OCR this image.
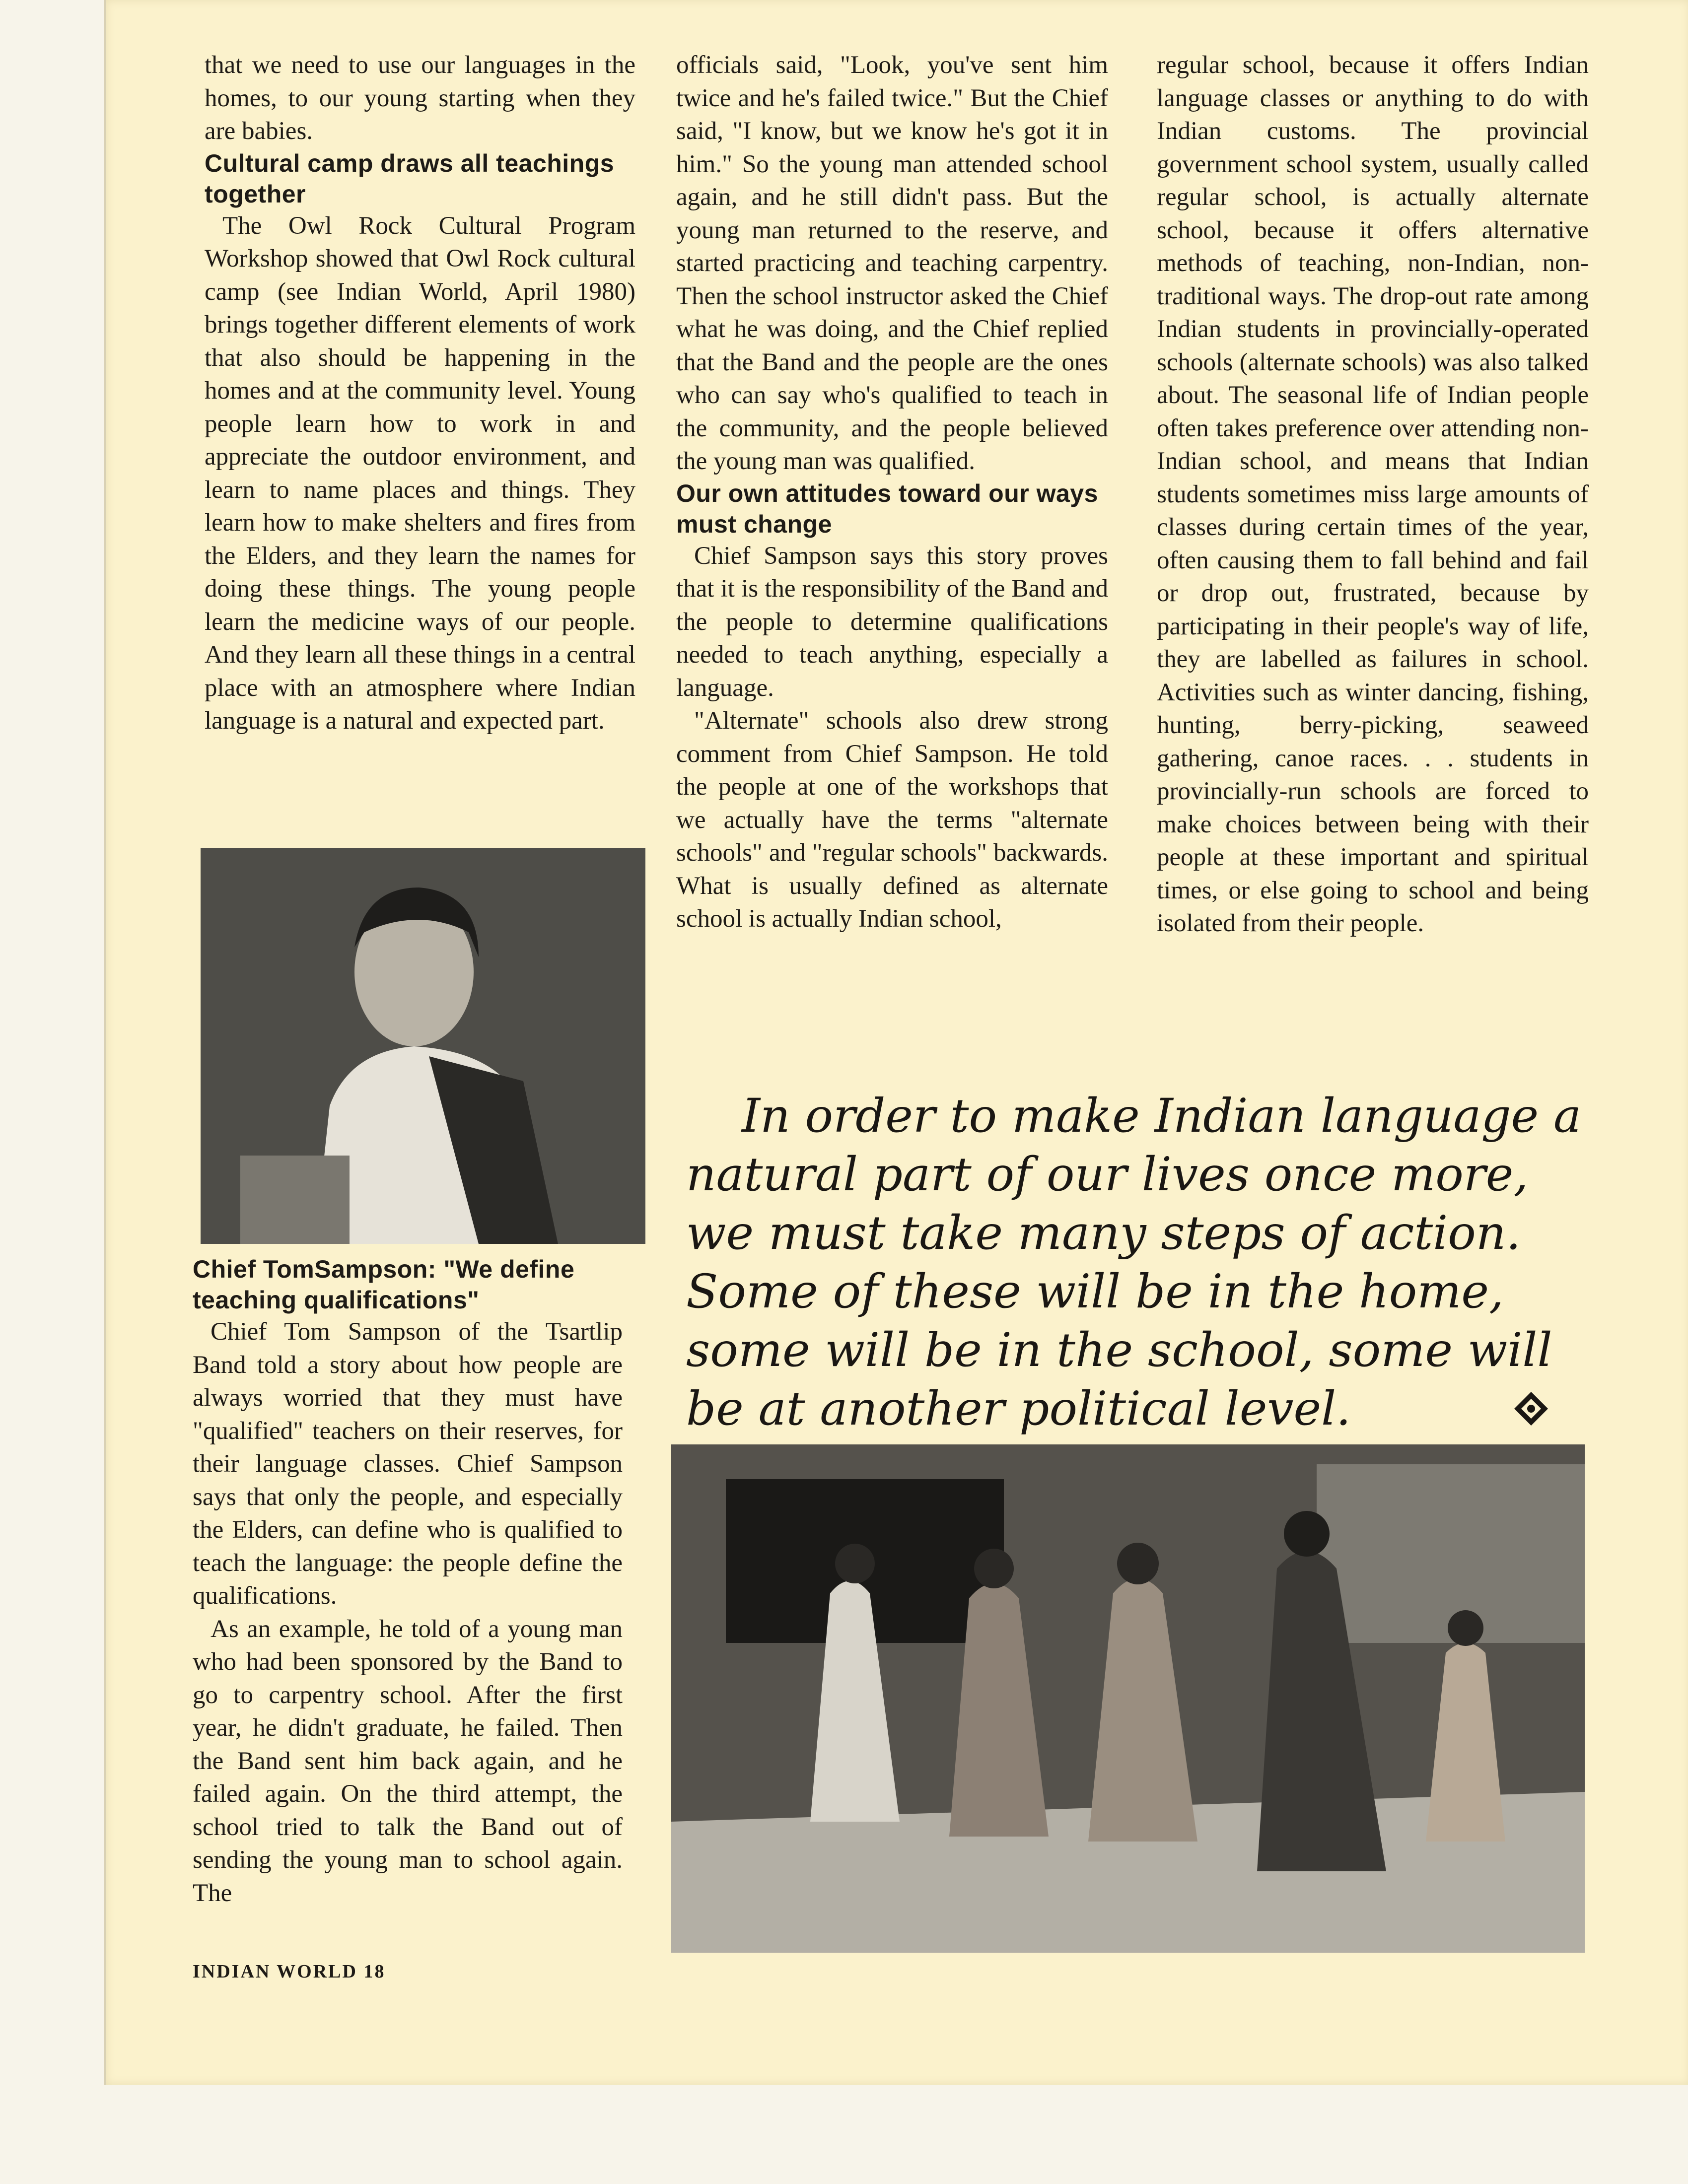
that we need to use our languages in the homes, to our young starting when they are babies.

Cultural camp draws all teachings together

The Owl Rock Cultural Program Workshop showed that Owl Rock cultural camp (see Indian World, April 1980) brings together different elements of work that also should be happening in the homes and at the community level. Young people learn how to work in and appreciate the outdoor environment, and learn to name places and things. They learn how to make shelters and fires from the Elders, and they learn the names for doing these things. The young people learn the medicine ways of our people. And they learn all these things in a central place with an atmosphere where Indian language is a natural and expected part.

Chief TomSampson: "We define teaching qualifications"

Chief Tom Sampson of the Tsartlip Band told a story about how people are always worried that they must have "qualified" teachers on their reserves, for their language classes. Chief Sampson says that only the people, and especially the Elders, can define who is qualified to teach the language: the people define the qualifications.

As an example, he told of a young man who had been sponsored by the Band to go to carpentry school. After the first year, he didn't graduate, he failed. Then the Band sent him back again, and he failed again. On the third attempt, the school tried to talk the Band out of sending the young man to school again. The

officials said, "Look, you've sent him twice and he's failed twice." But the Chief said, "I know, but we know he's got it in him." So the young man attended school again, and he still didn't pass. But the young man returned to the reserve, and started practicing and teaching carpentry. Then the school instructor asked the Chief what he was doing, and the Chief replied that the Band and the people are the ones who can say who's qualified to teach in the community, and the people believed the young man was qualified.

Our own attitudes toward our ways must change

Chief Sampson says this story proves that it is the responsibility of the Band and the people to determine qualifications needed to teach anything, especially a language.

"Alternate" schools also drew strong comment from Chief Sampson. He told the people at one of the workshops that we actually have the terms "alternate schools" and "regular schools" backwards. What is usually defined as alternate school is actually Indian school,

regular school, because it offers Indian language classes or anything to do with Indian customs. The provincial government school system, usually called regular school, is actually alternate school, because it offers alternative methods of teaching, non-Indian, non-traditional ways. The drop-out rate among Indian students in provincially-operated schools (alternate schools) was also talked about. The seasonal life of Indian people often takes preference over attending non-Indian school, and means that Indian students sometimes miss large amounts of classes during certain times of the year, often causing them to fall behind and fail or drop out, frustrated, because by participating in their people's way of life, they are labelled as failures in school. Activities such as winter dancing, fishing, hunting, berry-picking, seaweed gathering, canoe races. . . students in provincially-run schools are forced to make choices between being with their people at these important and spiritual times, or else going to school and being isolated from their people.

In order to make Indian language a
natural part of our lives once more, we must take many steps of action. Some of these will be in the home, some will be in the school, some will be at another political level.
INDIAN WORLD 18
